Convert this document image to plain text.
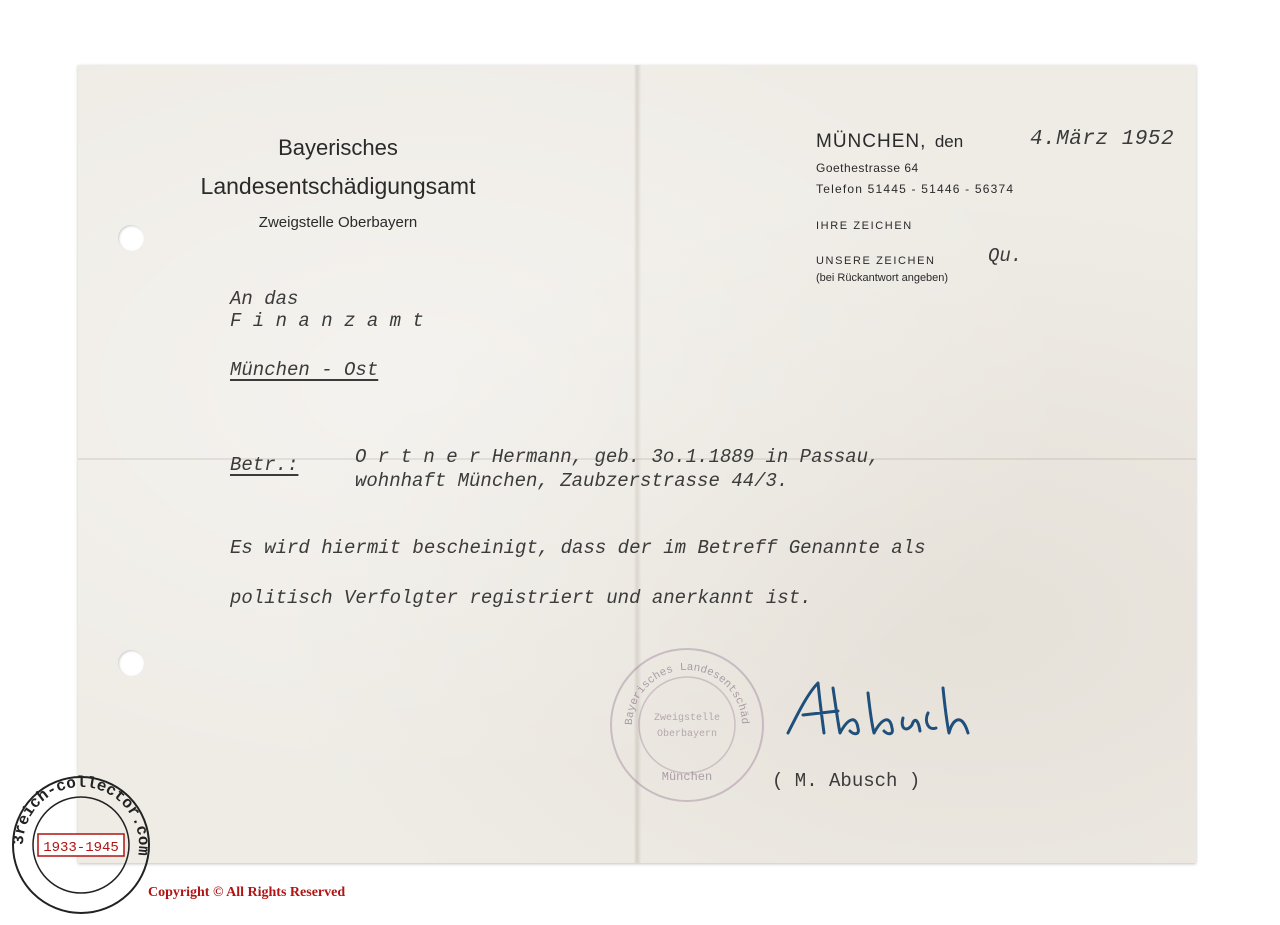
Bayerisches
Landesentschädigungsamt
Zweigstelle Oberbayern
MÜNCHEN, den	4.März 1952
Goethestrasse 64
Telefon 51445 - 51446 - 56374
IHRE ZEICHEN
UNSERE ZEICHEN	Qu.
(bei Rückantwort angeben)
An das
F i n a n z a m t
München - Ost
Betr.:	O r t n e r Hermann, geb. 3o.1.1889 in Passau,
wohnhaft München, Zaubzerstrasse 44/3.
Es wird hiermit bescheinigt, dass der im Betreff Genannte als
politisch Verfolgter registriert und anerkannt ist.
Bayerisches Landesentschäd
Zweigstelle
Oberbayern
München	( M. Abusch )
3reich-collector.com
1933-1945
Copyright © All Rights Reserved
